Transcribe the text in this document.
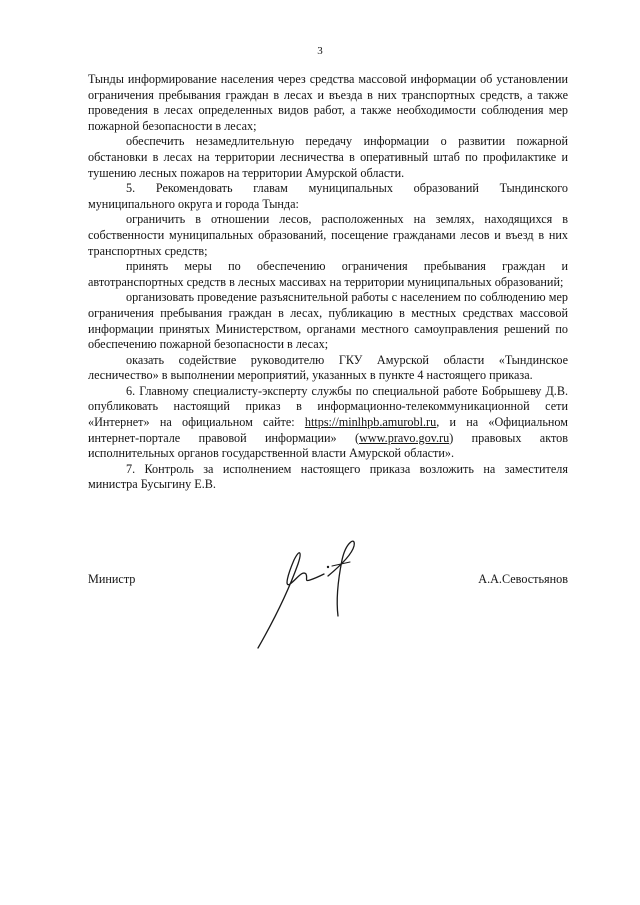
3

Тынды информирование населения через средства массовой информации об установлении ограничения пребывания граждан в лесах и въезда в них транспортных средств, а также проведения в лесах определенных видов работ, а также необходимости соблюдения мер пожарной безопасности в лесах;

обеспечить незамедлительную передачу информации о развитии пожарной обстановки в лесах на территории лесничества в оперативный штаб по профилактике и тушению лесных пожаров на территории Амурской области.

5. Рекомендовать главам муниципальных образований Тындинского муниципального округа и города Тында:

ограничить в отношении лесов, расположенных на землях, находящихся в собственности муниципальных образований, посещение гражданами лесов и въезд в них транспортных средств;

принять меры по обеспечению ограничения пребывания граждан и автотранспортных средств в лесных массивах на территории муниципальных образований;

организовать проведение разъяснительной работы с населением по соблюдению мер ограничения пребывания граждан в лесах, публикацию в местных средствах массовой информации принятых Министерством, органами местного самоуправления решений по обеспечению пожарной безопасности в лесах;

оказать содействие руководителю ГКУ Амурской области «Тындинское лесничество» в выполнении мероприятий, указанных в пункте 4 настоящего приказа.

6. Главному специалисту-эксперту службы по специальной работе Бобрышеву Д.В. опубликовать настоящий приказ в информационно-телекоммуникационной сети «Интернет» на официальном сайте: https://minlhpb.amurobl.ru, и на «Официальном интернет-портале правовой информации» (www.pravo.gov.ru) правовых актов исполнительных органов государственной власти Амурской области».

7. Контроль за исполнением настоящего приказа возложить на заместителя министра Бусыгину Е.В.

Министр	А.А.Севостьянов
